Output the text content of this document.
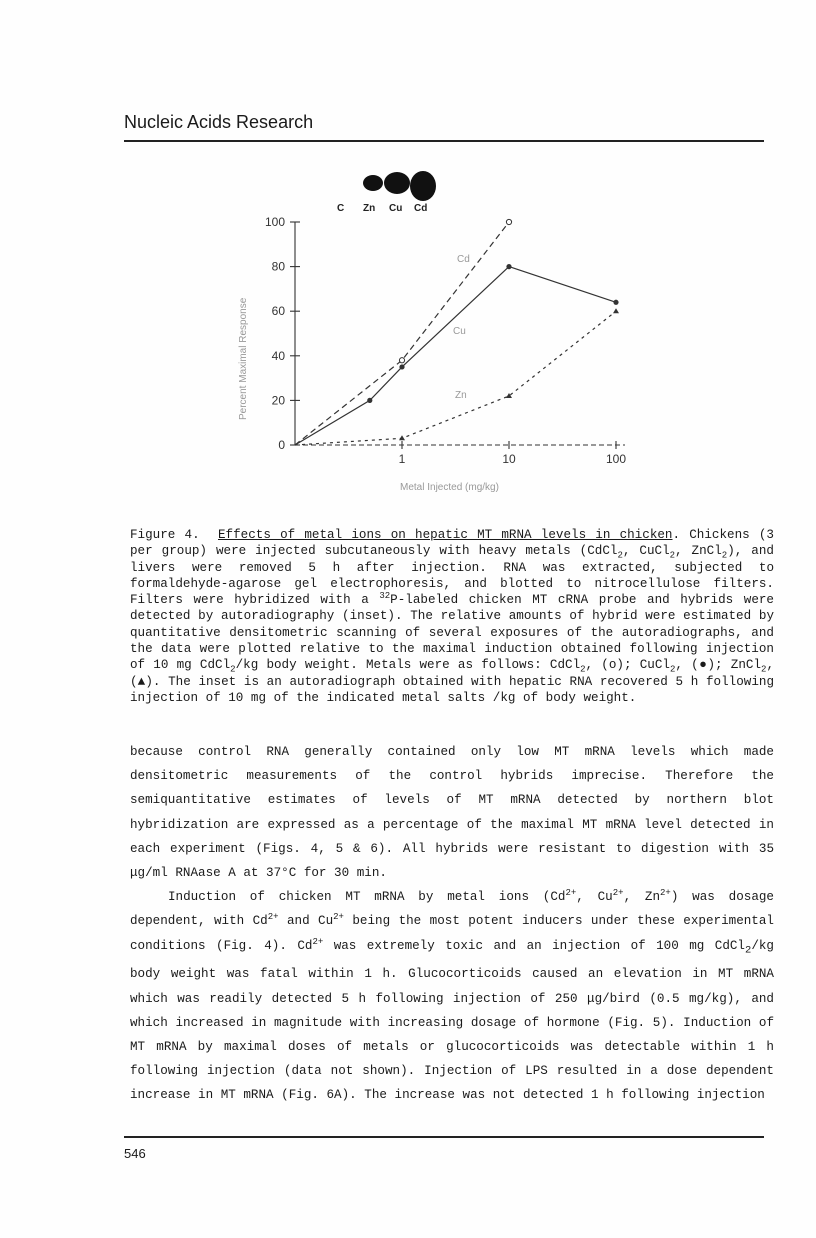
Nucleic Acids Research
C Zn Cu Cd
0
20
40
60
80
100
1	10	100
Cd
Cu
Zn
Percent Maximal Response
Metal Injected (mg/kg)
Figure 4. Effects of metal ions on hepatic MT mRNA levels in chicken. Chickens (3 per group) were injected subcutaneously with heavy metals (CdCl$_2$, CuCl$_2$, ZnCl$_2$), and livers were removed 5 h after injection. RNA was extracted, subjected to formaldehyde-agarose gel electrophoresis, and blotted to nitrocellulose filters. Filters were hybridized with a $^{32}$P-labeled chicken MT cRNA probe and hybrids were detected by autoradiography (inset). The relative amounts of hybrid were estimated by quantitative densitometric scanning of several exposures of the autoradiographs, and the data were plotted relative to the maximal induction obtained following injection of 10 mg CdCl$_2$/kg body weight. Metals were as follows: CdCl$_2$, (o); CuCl$_2$, (●); ZnCl$_2$, (▲). The inset is an autoradiograph obtained with hepatic RNA recovered 5 h following injection of 10 mg of the indicated metal salts /kg of body weight.

because control RNA generally contained only low MT mRNA levels which made densitometric measurements of the control hybrids imprecise. Therefore the semiquantitative estimates of levels of MT mRNA detected by northern blot hybridization are expressed as a percentage of the maximal MT mRNA level detected in each experiment (Figs. 4, 5 & 6). All hybrids were resistant to digestion with 35 μg/ml RNAase A at 37°C for 30 min.

Induction of chicken MT mRNA by metal ions ($Cd^{2+}$, $Cu^{2+}$, $Zn^{2+}$) was dosage dependent, with $Cd^{2+}$ and $Cu^{2+}$ being the most potent inducers under these experimental conditions (Fig. 4). $Cd^{2+}$ was extremely toxic and an injection of 100 mg CdCl$_2$/kg body weight was fatal within 1 h. Glucocorticoids caused an elevation in MT mRNA which was readily detected 5 h following injection of 250 μg/bird (0.5 mg/kg), and which increased in magnitude with increasing dosage of hormone (Fig. 5). Induction of MT mRNA by maximal doses of metals or glucocorticoids was detectable within 1 h following injection (data not shown). Injection of LPS resulted in a dose dependent increase in MT mRNA (Fig. 6A). The increase was not detected 1 h following injection

546
